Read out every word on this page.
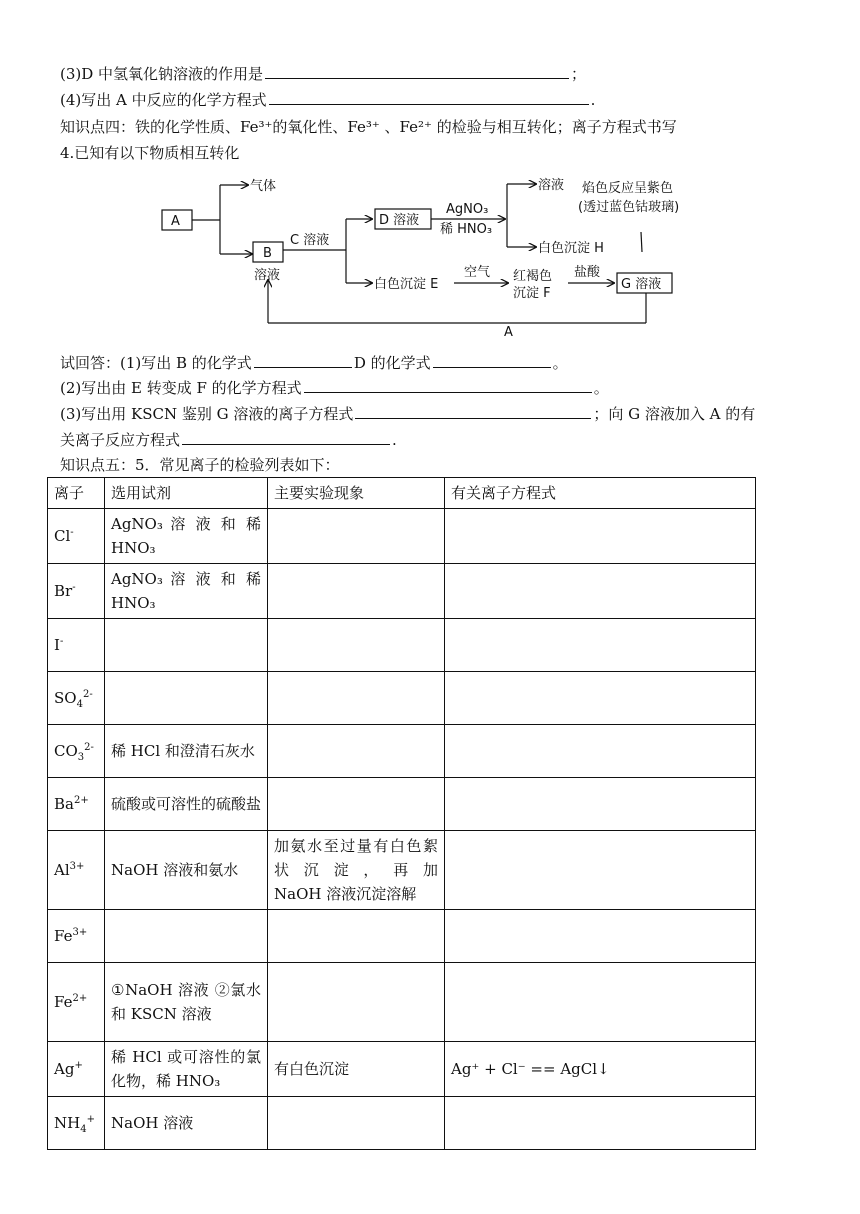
(3)D 中氢氧化钠溶液的作用是	；
(4)写出 A 中反应的化学方程式	.
知识点四：铁的化学性质、Fe³⁺的氧化性、Fe³⁺ 、Fe²⁺ 的检验与相互转化；离子方程式书写
4.已知有以下物质相互转化
A
气体
B
溶液
C 溶液
D 溶液
AgNO₃
稀 HNO₃
溶液 焰色反应呈紫色
(透过蓝色钴玻璃)
白色沉淀 H
白色沉淀 E
空气 红褐色
沉淀 F
盐酸
G 溶液
A
试回答：(1)写出 B 的化学式	D 的化学式	。
(2)写出由 E 转变成 F 的化学方程式	。
(3)写出用 KSCN 鉴别 G 溶液的离子方程式	；向 G 溶液加入 A 的有
关离子反应方程式	.
知识点五：5．常见离子的检验列表如下：
离子	选用试剂	主要实验现象	有关离子方程式
Cl-	AgNO₃ 溶 液 和 稀 HNO₃		

Br-	AgNO₃ 溶 液 和 稀 HNO₃		

I-	

$SO_4^{2-}$	

$CO_3^{2-}$	稀 HCl 和澄清石灰水		

$Ba^{2+}$	硫酸或可溶性的硫酸盐		

$Al^{3+}$	NaOH 溶液和氨水	加氨水至过量有白色絮 状 沉 淀 ， 再 加 NaOH 溶液沉淀溶解	

$Fe^{3+}$	

$Fe^{2+}$	①NaOH 溶液 ②氯水和 KSCN 溶液		

Ag+	稀 HCl 或可溶性的氯化物，稀 HNO₃	有白色沉淀	Ag⁺ + Cl⁻ == AgCl↓

$NH_4^+$	NaOH 溶液		
